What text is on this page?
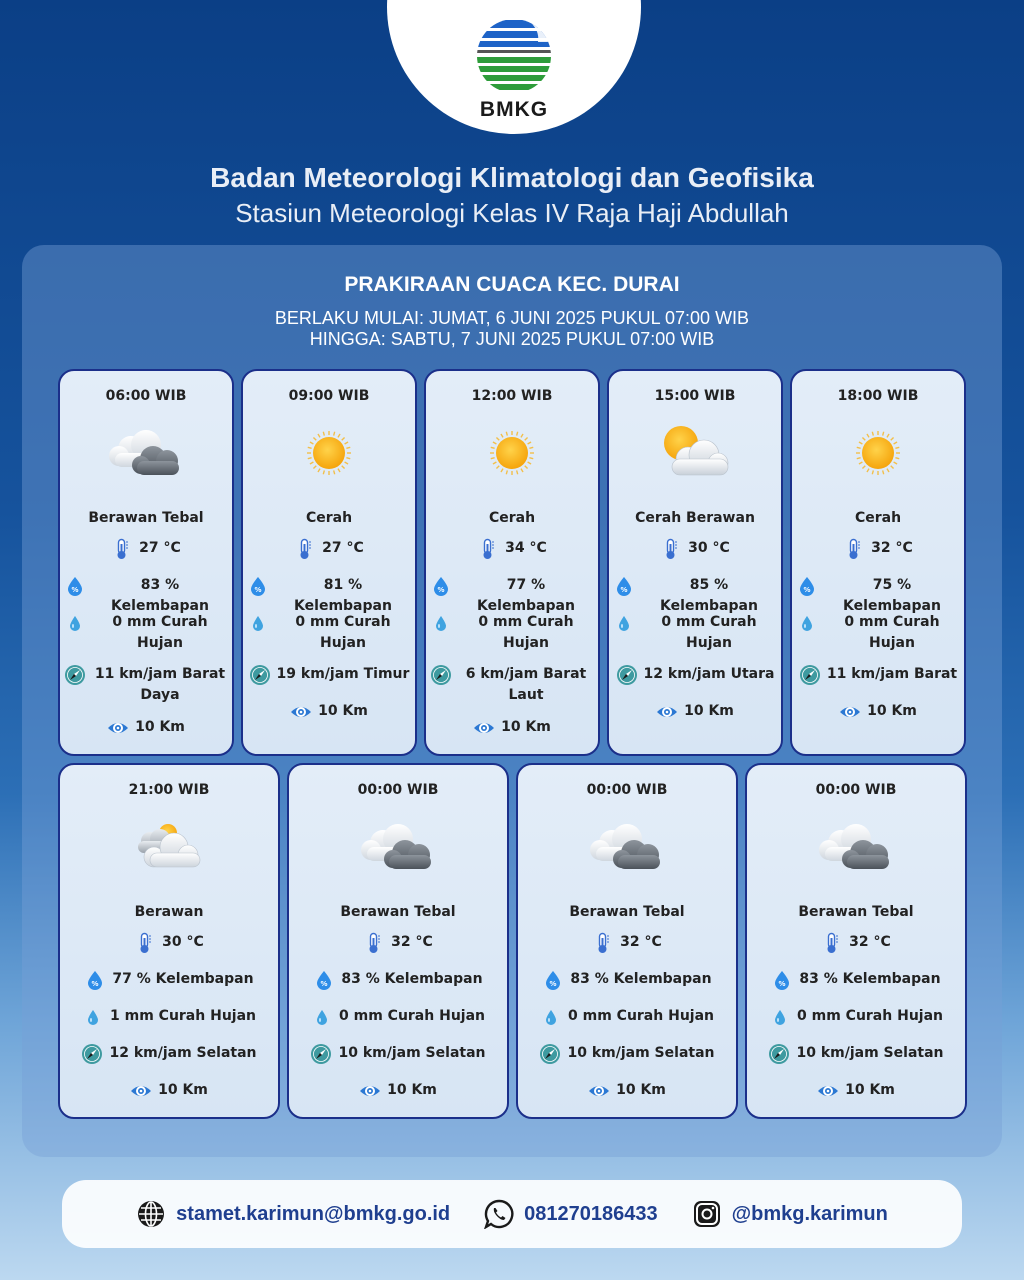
BMKG
Badan Meteorologi Klimatologi dan Geofisika
Stasiun Meteorologi Kelas IV Raja Haji Abdullah
PRAKIRAAN CUACA KEC. DURAI
BERLAKU MULAI: JUMAT, 6 JUNI 2025 PUKUL 07:00 WIB
HINGGA: SABTU, 7 JUNI 2025 PUKUL 07:00 WIB
06:00 WIB
Berawan Tebal
27 °C
%	83 % Kelembapan
0 mm Curah Hujan
11 km/jam Barat Daya
10 Km
09:00 WIB
Cerah
27 °C
%	81 % Kelembapan
0 mm Curah Hujan
19 km/jam Timur
10 Km
12:00 WIB
Cerah
34 °C
%	77 % Kelembapan
0 mm Curah Hujan
6 km/jam Barat Laut
10 Km
15:00 WIB
Cerah Berawan
30 °C
%	85 % Kelembapan
0 mm Curah Hujan
12 km/jam Utara
10 Km
18:00 WIB
Cerah
32 °C
%	75 % Kelembapan
0 mm Curah Hujan
11 km/jam Barat
10 Km
21:00 WIB
Berawan
30 °C
% 77 % Kelembapan
1 mm Curah Hujan
12 km/jam Selatan
10 Km
00:00 WIB
Berawan Tebal
32 °C
% 83 % Kelembapan
0 mm Curah Hujan
10 km/jam Selatan
10 Km
00:00 WIB
Berawan Tebal
32 °C
% 83 % Kelembapan
0 mm Curah Hujan
10 km/jam Selatan
10 Km
00:00 WIB
Berawan Tebal
32 °C
% 83 % Kelembapan
0 mm Curah Hujan
10 km/jam Selatan
10 Km
stamet.karimun@bmkg.go.id	081270186433	@bmkg.karimun
